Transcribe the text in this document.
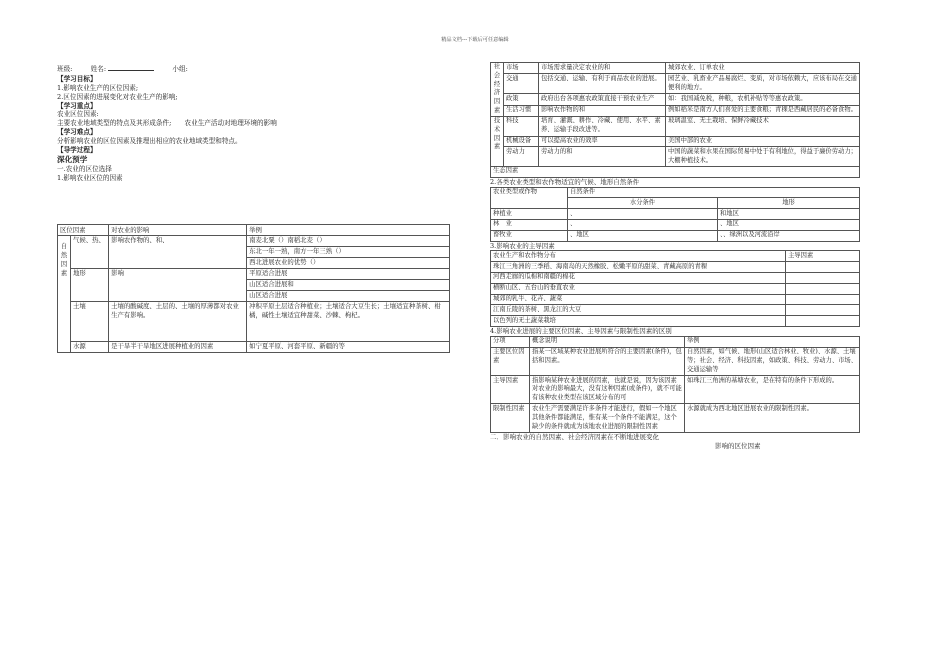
精品文档---下载后可任意编辑
班级:	姓名:	小组:
【学习目标】
1.影响农业生产的区位因素;
2.区位因素的进展变化对农业生产的影响;
【学习重点】
农业区位因素:
主要农业地域类型的特点及其形成条件;　　农业生产活动对地理环境的影响
【学习难点】
分析影响农业的区位因素及推理出相应的农业地域类型和特点。
【导学过程】
深化预学
一.农业的区位选择
1.影响农业区位的因素
区位因素		对农业的影响	举例
自然因素	气候、热、	影响农作物的、和、	南麦北粟（）南稻北麦（）
			东北一年一熟，南方一年三熟（）
			西北进展农业的优势（）
	地形	影响	平原适合进展
			山区适合进展和
			山区适合进展
	土壤	土壤的酸碱度、土层的、土壤的厚薄都对农业生产有影响。	冲积平原土层适合种植业；土壤适合大豆生长；土壤适宜种茶树、柑橘，碱性土壤适宜种甜菜、沙棘、枸杞。
	水源	是干旱半干旱地区进展种植业的因素	如宁夏平原、河套平原、新疆的等
社会经济因素	市场	市场需求量决定农业的和	城郊农业、订单农业
	交通	包括交通、运输、有利于商品农业的进展。	园艺业、乳畜业产品易腐烂、变质，对市场依赖大，应该布局在交通便利的地方。
	政策	政府出台各项惠农政策直接干预农业生产	如：我国减免税，种粮，农机补贴等等惠农政策。
	生活习惯	影响农作物的和	例如稻米是南方人们喜爱的主要食粮；青稞是西藏居民的必备食物。
技术因素	科技	培育、灌溉、耕作、冷藏、使用、水平、素养、运输手段改进等。	玻璃温室、无土栽培、保鲜冷藏技术
	机械设备	可以提高农业的效率	美国中部的农业
	劳动力	劳动力的和	中国的蔬菜和水果在国际贸易中处于有利地位，得益于廉价劳动力；大棚种植技术。
生态因素			
2.各类农业类型和农作物适宜的气候、地形自然条件
农业类型或作物	自然条件	
	水分条件	地形
种植业	、	和地区
林　业	、	、地区
畜牧业	、地区	、、绿洲以及河流沿岸
3.影响农业的主导因素
农业生产和农作物分布	主导因素
珠江三角洲的三季稻、海南岛的天然橡胶、松嫩平原的甜菜、青藏高原的青稞	
河西走廊的瓜棉和南疆的棉花	
横断山区、五台山的垂直农业	
城郊的乳牛、花卉、蔬菜	
江南丘陵的茶树、黑龙江的大豆	
以色列的无土蔬菜栽培	
4.影响农业进展的主要区位因素、主导因素与限制性因素的区别
分项	概念说明	举例
主要区位因素	指某一区域某种农业进展所符合的主要因素(条件)，包括和因素。	自然因素，如气候、地形(山区适合林业、牧业)、水源、土壤等；社会、经济、科技因素，如政策、科技、劳动力、市场、交通运输等
主导因素	指影响某种农业进展的因素，也就是说，因为该因素对农业的影响最大，没有这种因素(或条件)，就不可能有该种农业类型在该区域分布的可	如珠江三角洲的基塘农业，是在特有的条件下形成的。
限制性因素	农业生产需要满足许多条件才能进行，假如一个地区其他条件都能满足，惟有某一个条件不能满足，这个缺少的条件就成为该地农业进展的限制性因素	水源就成为西北地区进展农业的限制性因素。
二．影响农业的自然因素、社会经济因素在不断地进展变化
影响的区位因素
